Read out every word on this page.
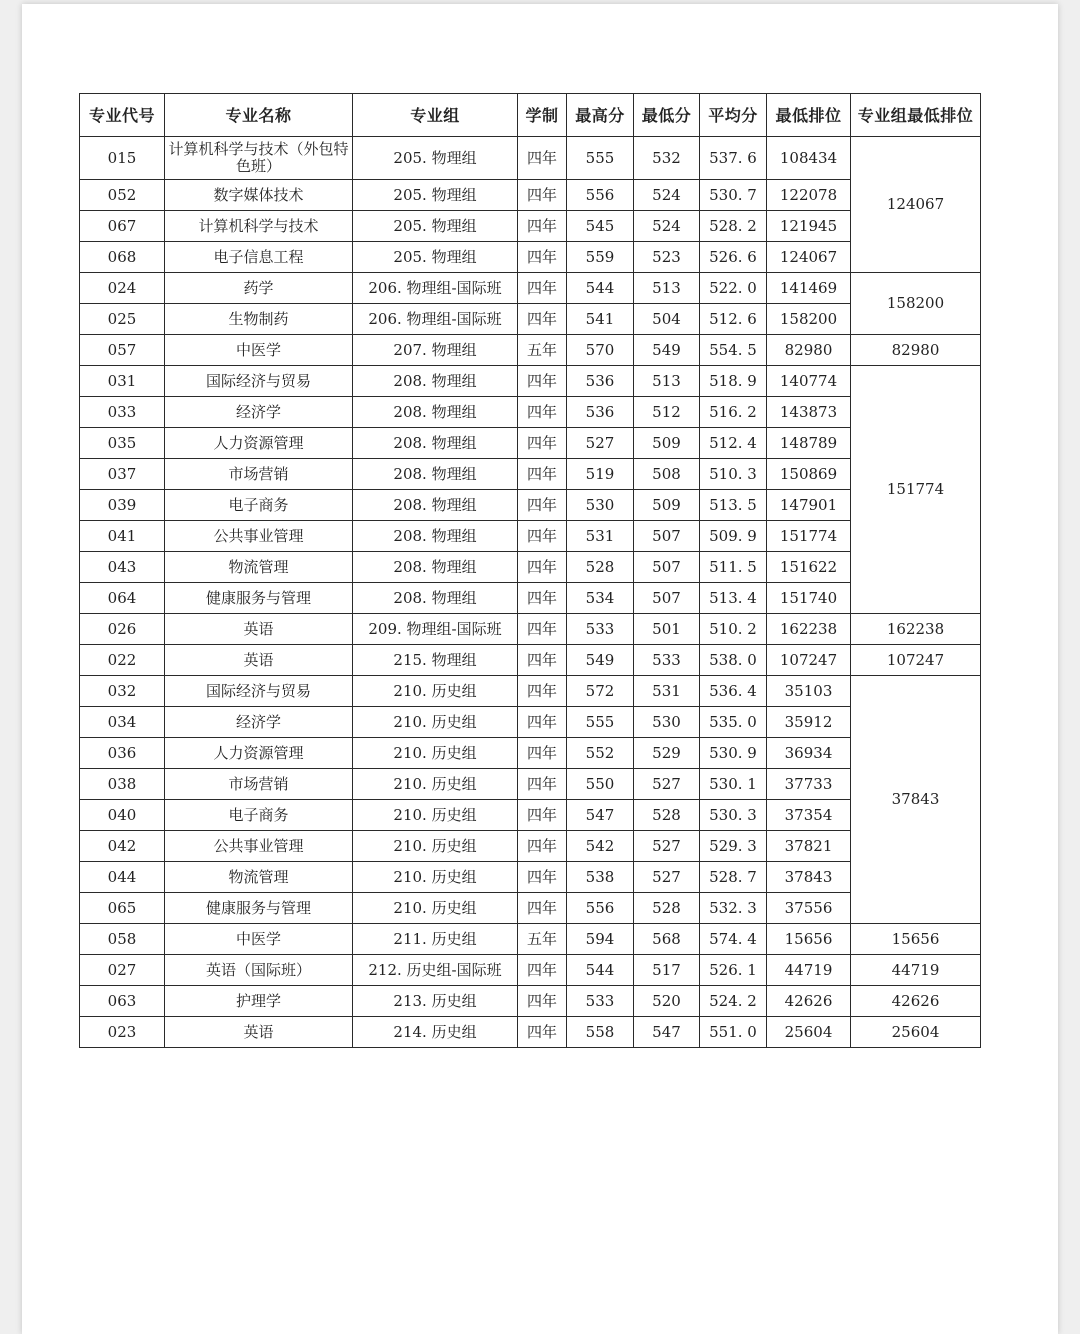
专业代号	专业名称	专业组	学制	最高分	最低分	平均分	最低排位	专业组最低排位
015	计算机科学与技术（外包特色班）	205. 物理组	四年	555	532	537. 6	108434	124067
052	数字媒体技术	205. 物理组	四年	556	524	530. 7	122078	
067	计算机科学与技术	205. 物理组	四年	545	524	528. 2	121945	
068	电子信息工程	205. 物理组	四年	559	523	526. 6	124067	
024	药学	206. 物理组-国际班	四年	544	513	522. 0	141469	158200
025	生物制药	206. 物理组-国际班	四年	541	504	512. 6	158200	
057	中医学	207. 物理组	五年	570	549	554. 5	82980	82980
031	国际经济与贸易	208. 物理组	四年	536	513	518. 9	140774	151774
033	经济学	208. 物理组	四年	536	512	516. 2	143873	
035	人力资源管理	208. 物理组	四年	527	509	512. 4	148789	
037	市场营销	208. 物理组	四年	519	508	510. 3	150869	
039	电子商务	208. 物理组	四年	530	509	513. 5	147901	
041	公共事业管理	208. 物理组	四年	531	507	509. 9	151774	
043	物流管理	208. 物理组	四年	528	507	511. 5	151622	
064	健康服务与管理	208. 物理组	四年	534	507	513. 4	151740	
026	英语	209. 物理组-国际班	四年	533	501	510. 2	162238	162238
022	英语	215. 物理组	四年	549	533	538. 0	107247	107247
032	国际经济与贸易	210. 历史组	四年	572	531	536. 4	35103	37843
034	经济学	210. 历史组	四年	555	530	535. 0	35912	
036	人力资源管理	210. 历史组	四年	552	529	530. 9	36934	
038	市场营销	210. 历史组	四年	550	527	530. 1	37733	
040	电子商务	210. 历史组	四年	547	528	530. 3	37354	
042	公共事业管理	210. 历史组	四年	542	527	529. 3	37821	
044	物流管理	210. 历史组	四年	538	527	528. 7	37843	
065	健康服务与管理	210. 历史组	四年	556	528	532. 3	37556	
058	中医学	211. 历史组	五年	594	568	574. 4	15656	15656
027	英语（国际班）	212. 历史组-国际班	四年	544	517	526. 1	44719	44719
063	护理学	213. 历史组	四年	533	520	524. 2	42626	42626
023	英语	214. 历史组	四年	558	547	551. 0	25604	25604
